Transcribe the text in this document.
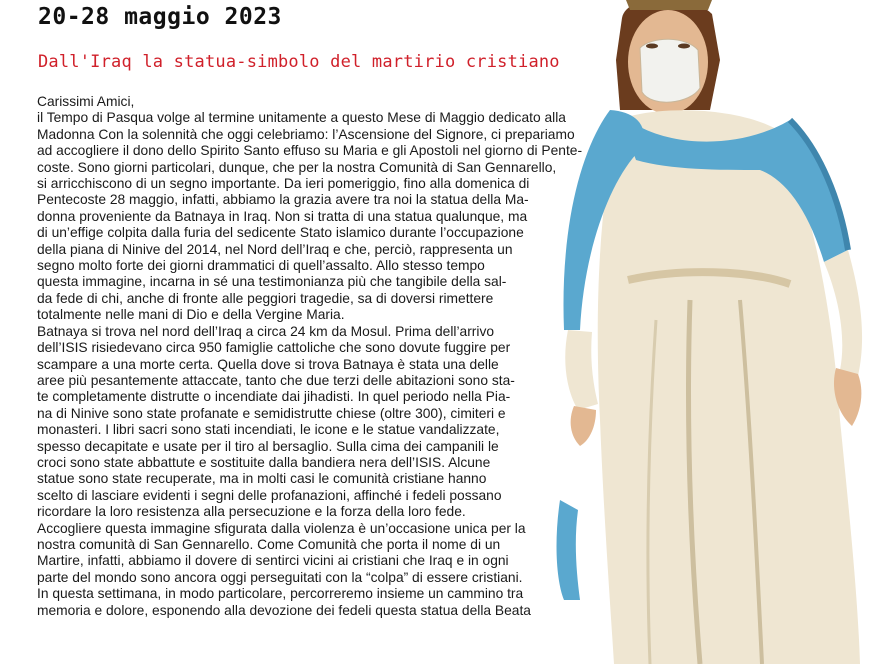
20-28 maggio 2023
Dall'Iraq la statua-simbolo del martirio cristiano
Carissimi Amici,
il Tempo di Pasqua volge al termine unitamente a questo Mese di Maggio dedicato alla
Madonna Con la solennità che oggi celebriamo: l’Ascensione del Signore, ci prepariamo
ad accogliere il dono dello Spirito Santo effuso su Maria e gli Apostoli nel giorno di Pente-
coste. Sono giorni particolari, dunque, che per la nostra Comunità di San Gennarello,
si arricchiscono di un segno importante. Da ieri pomeriggio, fino alla domenica di
Pentecoste 28 maggio, infatti, abbiamo la grazia avere tra noi la statua della Ma-
donna proveniente da Batnaya in Iraq. Non si tratta di una statua qualunque, ma
di un’effige colpita dalla furia del sedicente Stato islamico durante l’occupazione
della piana di Ninive del 2014, nel Nord dell’Iraq e che, perciò, rappresenta un
segno molto forte dei giorni drammatici di quell’assalto. Allo stesso tempo
questa immagine, incarna in sé una testimonianza più che tangibile della sal-
da fede di chi, anche di fronte alle peggiori tragedie, sa di doversi rimettere
totalmente nelle mani di Dio e della Vergine Maria.
Batnaya si trova nel nord dell’Iraq a circa 24 km da Mosul. Prima dell’arrivo
dell’ISIS risiedevano circa 950 famiglie cattoliche che sono dovute fuggire per
scampare a una morte certa. Quella dove si trova Batnaya è stata una delle
aree più pesantemente attaccate, tanto che due terzi delle abitazioni sono sta-
te completamente distrutte o incendiate dai jihadisti. In quel periodo nella Pia-
na di Ninive sono state profanate e semidistrutte chiese (oltre 300), cimiteri e
monasteri. I libri sacri sono stati incendiati, le icone e le statue vandalizzate,
spesso decapitate e usate per il tiro al bersaglio. Sulla cima dei campanili le
croci sono state abbattute e sostituite dalla bandiera nera dell’ISIS. Alcune
statue sono state recuperate, ma in molti casi le comunità cristiane hanno
scelto di lasciare evidenti i segni delle profanazioni, affinché i fedeli possano
ricordare la loro resistenza alla persecuzione e la forza della loro fede.
Accogliere questa immagine sfigurata dalla violenza è un’occasione unica per la
nostra comunità di San Gennarello. Come Comunità che porta il nome di un
Martire, infatti, abbiamo il dovere di sentirci vicini ai cristiani che Iraq e in ogni
parte del mondo sono ancora oggi perseguitati con la “colpa” di essere cristiani.
In questa settimana, in modo particolare, percorreremo insieme un cammino tra
memoria e dolore, esponendo alla devozione dei fedeli questa statua della Beata
